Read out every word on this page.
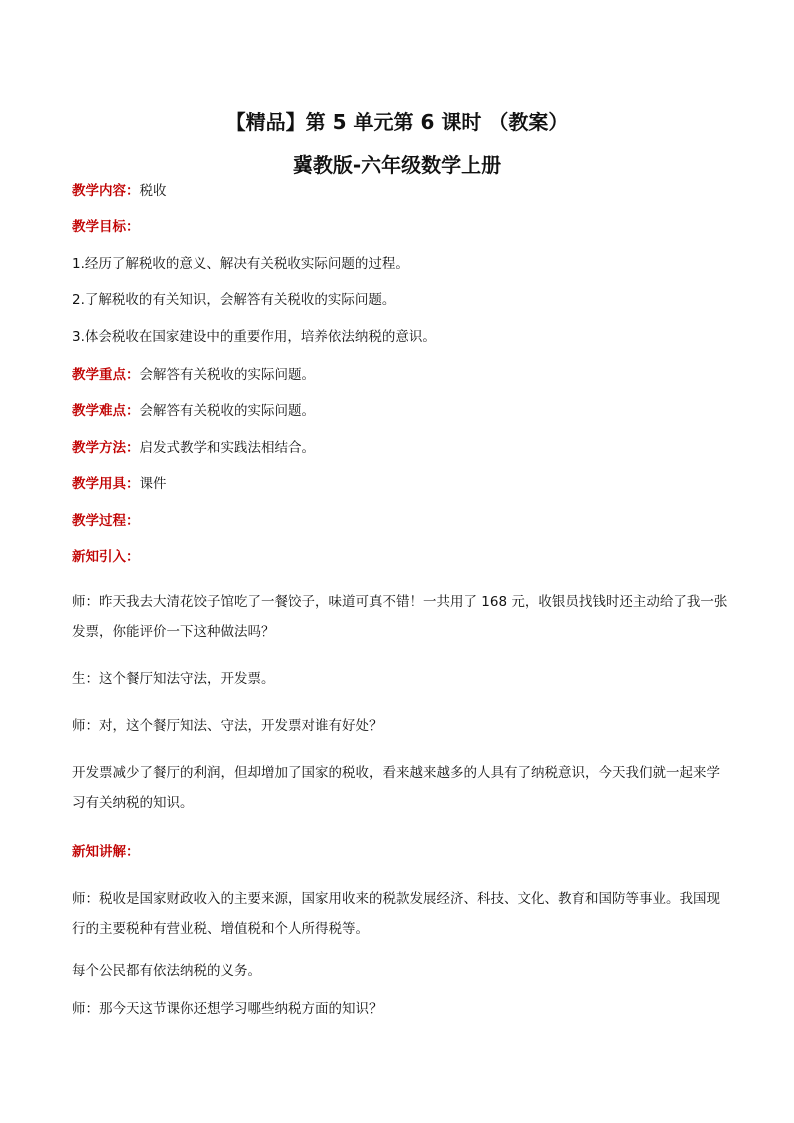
【精品】第 5 单元第 6 课时 （教案）
冀教版-六年级数学上册
教学内容：税收
教学目标：
1.经历了解税收的意义、解决有关税收实际问题的过程。
2.了解税收的有关知识，会解答有关税收的实际问题。
3.体会税收在国家建设中的重要作用，培养依法纳税的意识。
教学重点：会解答有关税收的实际问题。
教学难点：会解答有关税收的实际问题。
教学方法：启发式教学和实践法相结合。
教学用具：课件
教学过程：
新知引入：
师：昨天我去大清花饺子馆吃了一餐饺子，味道可真不错！一共用了 168 元，收银员找钱时还主动给了我一张发票，你能评价一下这种做法吗？
生：这个餐厅知法守法，开发票。
师：对，这个餐厅知法、守法，开发票对谁有好处？
开发票减少了餐厅的利润，但却增加了国家的税收，看来越来越多的人具有了纳税意识，今天我们就一起来学习有关纳税的知识。
新知讲解：
师：税收是国家财政收入的主要来源，国家用收来的税款发展经济、科技、文化、教育和国防等事业。我国现行的主要税种有营业税、增值税和个人所得税等。
每个公民都有依法纳税的义务。
师：那今天这节课你还想学习哪些纳税方面的知识？
